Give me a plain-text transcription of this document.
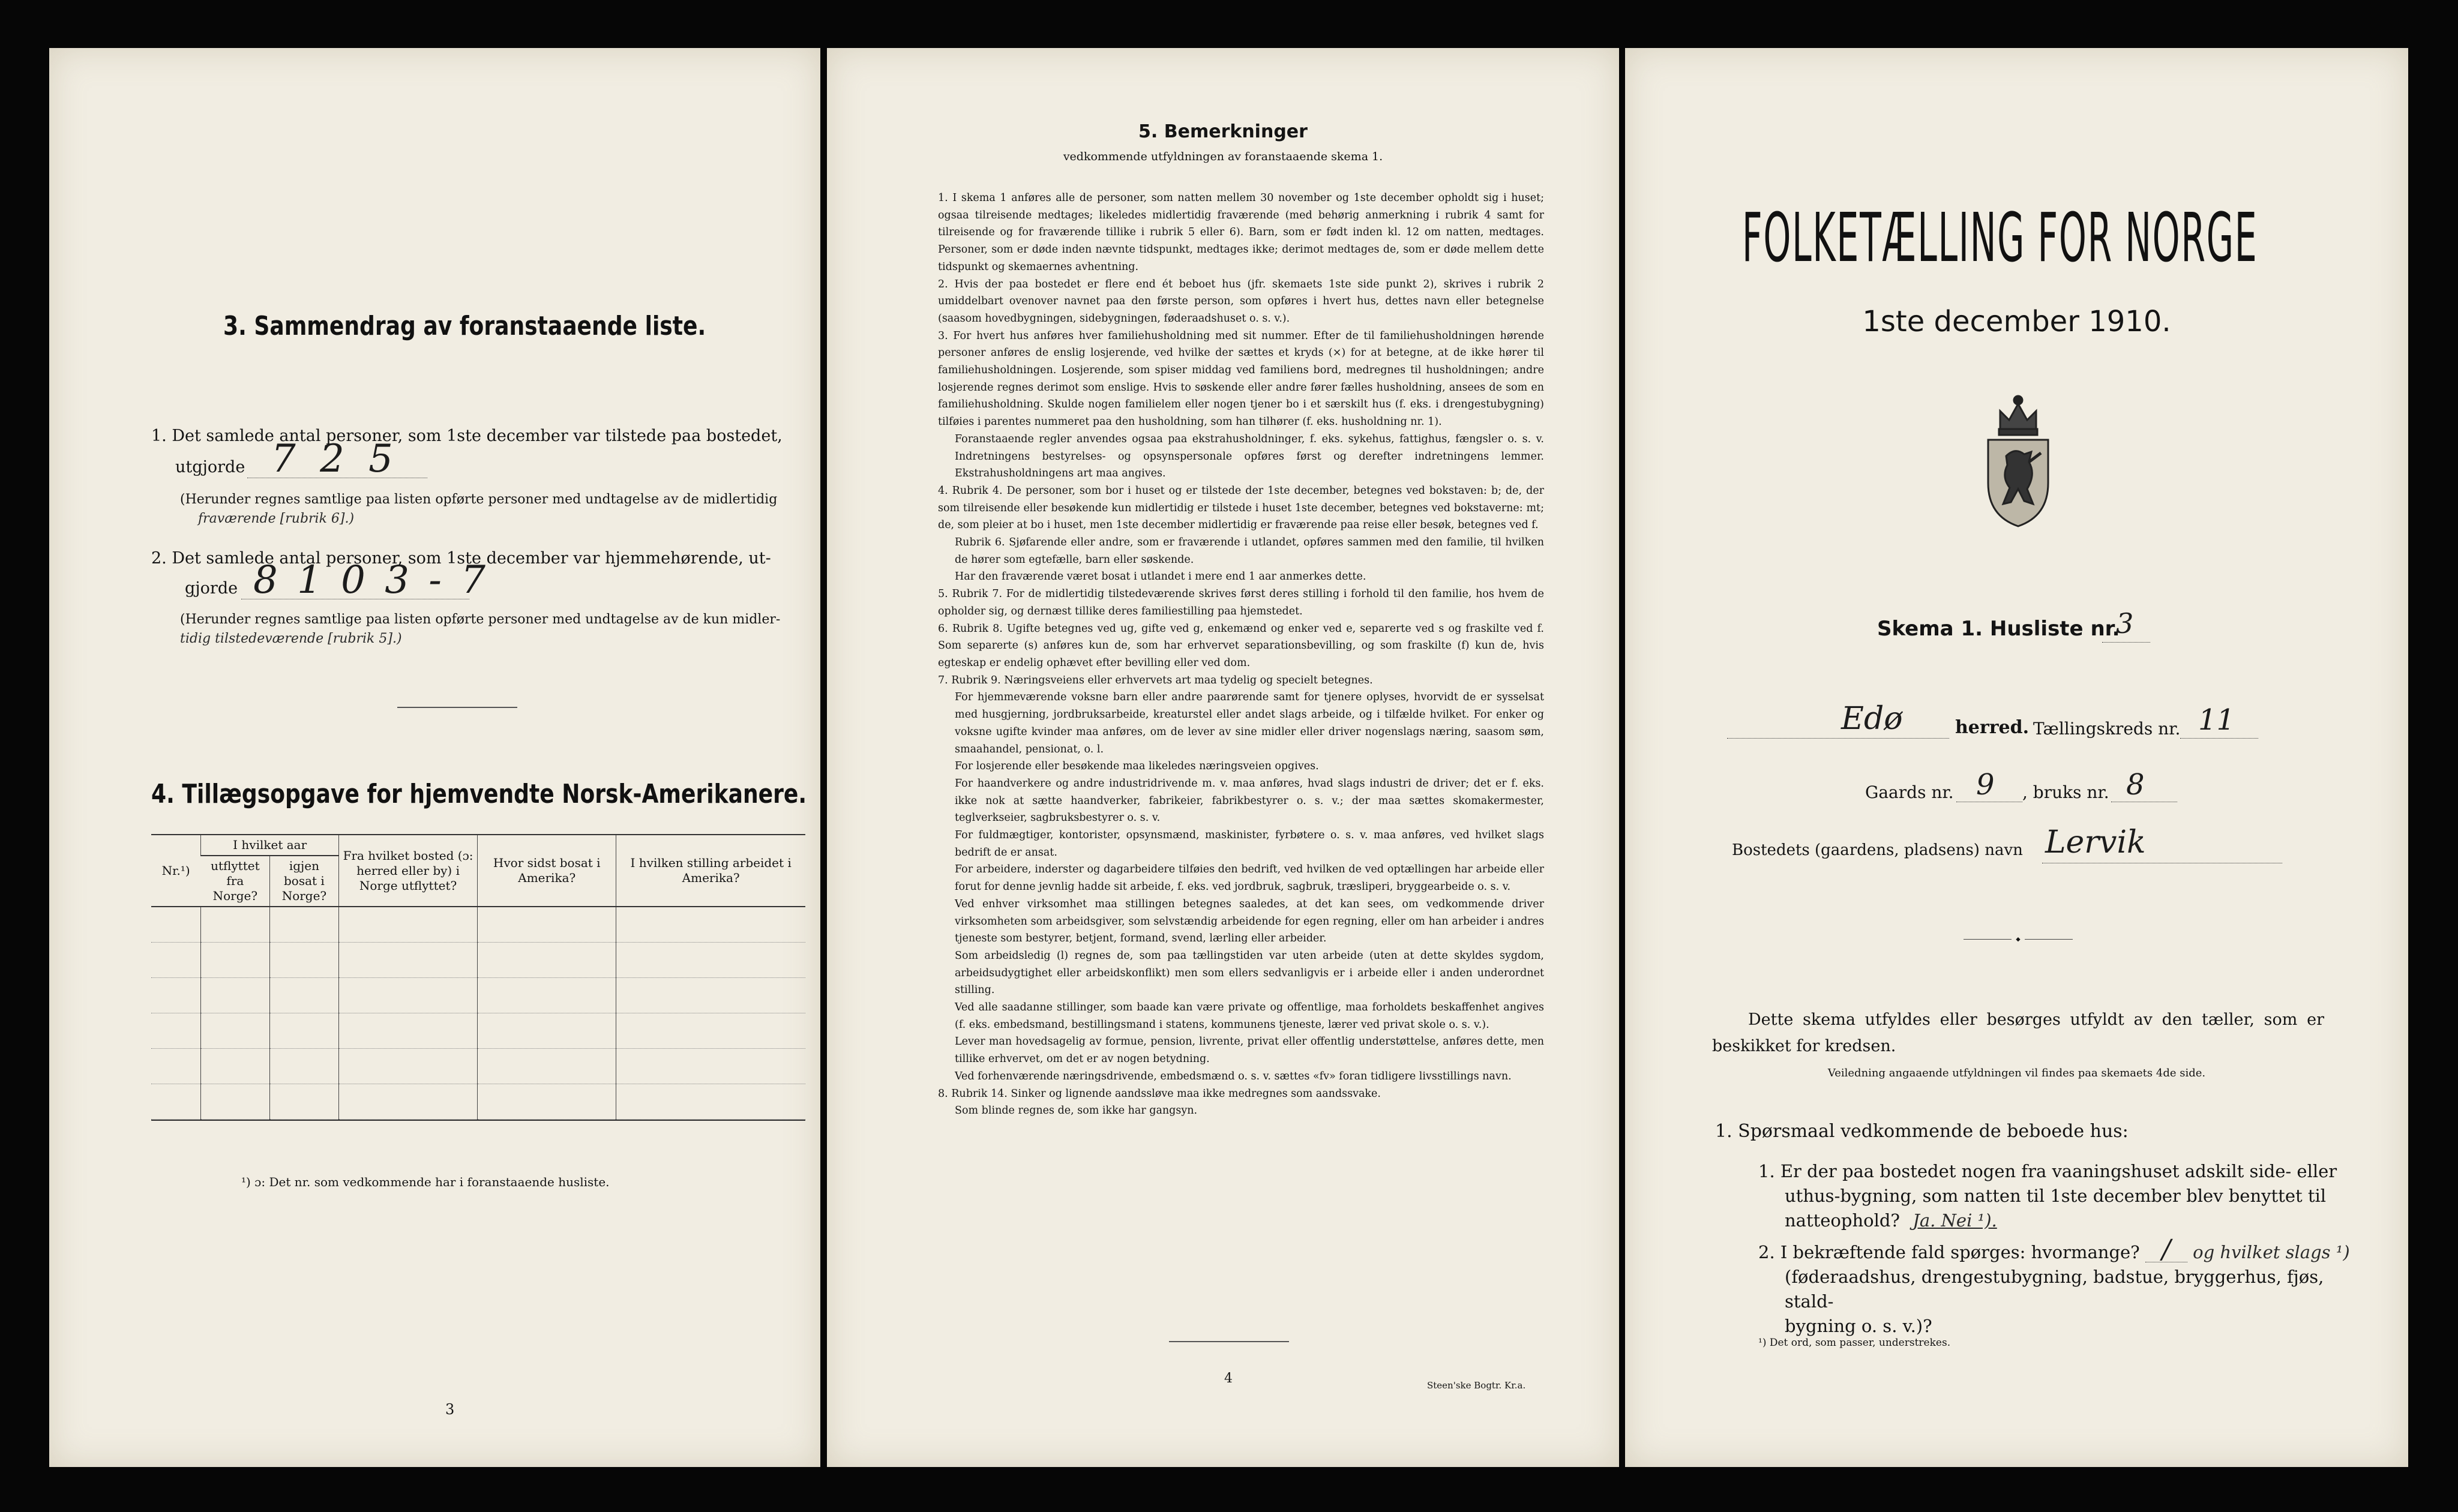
3. Sammendrag av foranstaaende liste.
1. Det samlede antal personer, som 1ste december var tilstede paa bostedet,
utgjorde 7 2 5
(Herunder regnes samtlige paa listen opførte personer med undtagelse av de midlertidig
fraværende [rubrik 6].)
2. Det samlede antal personer, som 1ste december var hjemmehørende, ut-
gjorde 8 1 0 3 - 7
(Herunder regnes samtlige paa listen opførte personer med undtagelse av de kun midler-
tidig tilstedeværende [rubrik 5].)
4. Tillægsopgave for hjemvendte Norsk-Amerikanere.
Nr.¹)	I hvilket aar		Fra hvilket bosted (ɔ: herred eller by) i Norge utflyttet?	Hvor sidst bosat i Amerika?	I hvilken stilling arbeidet i Amerika?
	utflyttet fra Norge?	igjen bosat i Norge?			

¹) ɔ: Det nr. som vedkommende har i foranstaaende husliste.
3
5. Bemerkninger
vedkommende utfyldningen av foranstaaende skema 1.

1. I skema 1 anføres alle de personer, som natten mellem 30 november og 1ste december opholdt sig i huset; ogsaa tilreisende medtages; likeledes midlertidig fraværende (med behørig anmerkning i rubrik 4 samt for tilreisende og for fraværende tillike i rubrik 5 eller 6). Barn, som er født inden kl. 12 om natten, medtages. Personer, som er døde inden nævnte tidspunkt, medtages ikke; derimot medtages de, som er døde mellem dette tidspunkt og skemaernes avhentning.

2. Hvis der paa bostedet er flere end ét beboet hus (jfr. skemaets 1ste side punkt 2), skrives i rubrik 2 umiddelbart ovenover navnet paa den første person, som opføres i hvert hus, dettes navn eller betegnelse (saasom hovedbygningen, sidebygningen, føderaadshuset o. s. v.).

3. For hvert hus anføres hver familiehusholdning med sit nummer. Efter de til familiehusholdningen hørende personer anføres de enslig losjerende, ved hvilke der sættes et kryds (×) for at betegne, at de ikke hører til familiehusholdningen. Losjerende, som spiser middag ved familiens bord, medregnes til husholdningen; andre losjerende regnes derimot som enslige. Hvis to søskende eller andre fører fælles husholdning, ansees de som en familiehusholdning. Skulde nogen familielem eller nogen tjener bo i et særskilt hus (f. eks. i drengestubygning) tilføies i parentes nummeret paa den husholdning, som han tilhører (f. eks. husholdning nr. 1).

Foranstaaende regler anvendes ogsaa paa ekstrahusholdninger, f. eks. sykehus, fattighus, fængsler o. s. v. Indretningens bestyrelses- og opsynspersonale opføres først og derefter indretningens lemmer. Ekstrahusholdningens art maa angives.

4. Rubrik 4. De personer, som bor i huset og er tilstede der 1ste december, betegnes ved bokstaven: b; de, der som tilreisende eller besøkende kun midlertidig er tilstede i huset 1ste december, betegnes ved bokstaverne: mt; de, som pleier at bo i huset, men 1ste december midlertidig er fraværende paa reise eller besøk, betegnes ved f.

Rubrik 6. Sjøfarende eller andre, som er fraværende i utlandet, opføres sammen med den familie, til hvilken de hører som egtefælle, barn eller søskende.

Har den fraværende været bosat i utlandet i mere end 1 aar anmerkes dette.

5. Rubrik 7. For de midlertidig tilstedeværende skrives først deres stilling i forhold til den familie, hos hvem de opholder sig, og dernæst tillike deres familiestilling paa hjemstedet.

6. Rubrik 8. Ugifte betegnes ved ug, gifte ved g, enkemænd og enker ved e, separerte ved s og fraskilte ved f. Som separerte (s) anføres kun de, som har erhvervet separationsbevilling, og som fraskilte (f) kun de, hvis egteskap er endelig ophævet efter bevilling eller ved dom.

7. Rubrik 9. Næringsveiens eller erhvervets art maa tydelig og specielt betegnes.

For hjemmeværende voksne barn eller andre paarørende samt for tjenere oplyses, hvorvidt de er sysselsat med husgjerning, jordbruksarbeide, kreaturstel eller andet slags arbeide, og i tilfælde hvilket. For enker og voksne ugifte kvinder maa anføres, om de lever av sine midler eller driver nogenslags næring, saasom søm, smaahandel, pensionat, o. l.

For losjerende eller besøkende maa likeledes næringsveien opgives.

For haandverkere og andre industridrivende m. v. maa anføres, hvad slags industri de driver; det er f. eks. ikke nok at sætte haandverker, fabrikeier, fabrikbestyrer o. s. v.; der maa sættes skomakermester, teglverkseier, sagbruksbestyrer o. s. v.

For fuldmægtiger, kontorister, opsynsmænd, maskinister, fyrbøtere o. s. v. maa anføres, ved hvilket slags bedrift de er ansat.

For arbeidere, inderster og dagarbeidere tilføies den bedrift, ved hvilken de ved optællingen har arbeide eller forut for denne jevnlig hadde sit arbeide, f. eks. ved jordbruk, sagbruk, træsliperi, bryggearbeide o. s. v.

Ved enhver virksomhet maa stillingen betegnes saaledes, at det kan sees, om vedkommende driver virksomheten som arbeidsgiver, som selvstændig arbeidende for egen regning, eller om han arbeider i andres tjeneste som bestyrer, betjent, formand, svend, lærling eller arbeider.

Som arbeidsledig (l) regnes de, som paa tællingstiden var uten arbeide (uten at dette skyldes sygdom, arbeidsudygtighet eller arbeidskonflikt) men som ellers sedvanligvis er i arbeide eller i anden underordnet stilling.

Ved alle saadanne stillinger, som baade kan være private og offentlige, maa forholdets beskaffenhet angives (f. eks. embedsmand, bestillingsmand i statens, kommunens tjeneste, lærer ved privat skole o. s. v.).

Lever man hovedsagelig av formue, pension, livrente, privat eller offentlig understøttelse, anføres dette, men tillike erhvervet, om det er av nogen betydning.

Ved forhenværende næringsdrivende, embedsmænd o. s. v. sættes «fv» foran tidligere livsstillings navn.

8. Rubrik 14. Sinker og lignende aandssløve maa ikke medregnes som aandssvake.

Som blinde regnes de, som ikke har gangsyn.

4	Steen'ske Bogtr. Kr.a.
FOLKETÆLLING FOR NORGE
1ste december 1910.
Skema 1. Husliste nr.
3
Edø	herred. Tællingskreds nr. 11
Gaards nr. 9 , bruks nr. 8
Bostedets (gaardens, pladsens) navn Lervik
⬩
Dette skema utfyldes eller besørges utfyldt av den tæller, som er beskikket for kredsen.
Veiledning angaaende utfyldningen vil findes paa skemaets 4de side.
1. Spørsmaal vedkommende de beboede hus:
1. Er der paa bostedet nogen fra vaaningshuset adskilt side- eller
uthus-bygning, som natten til 1ste december blev benyttet til
natteophold? Ja. Nei ¹).
2. I bekræftende fald spørges: hvormange? / og hvilket slags ¹)
(føderaadshus, drengestubygning, badstue, bryggerhus, fjøs, stald-
bygning o. s. v.)?
¹) Det ord, som passer, understrekes.
